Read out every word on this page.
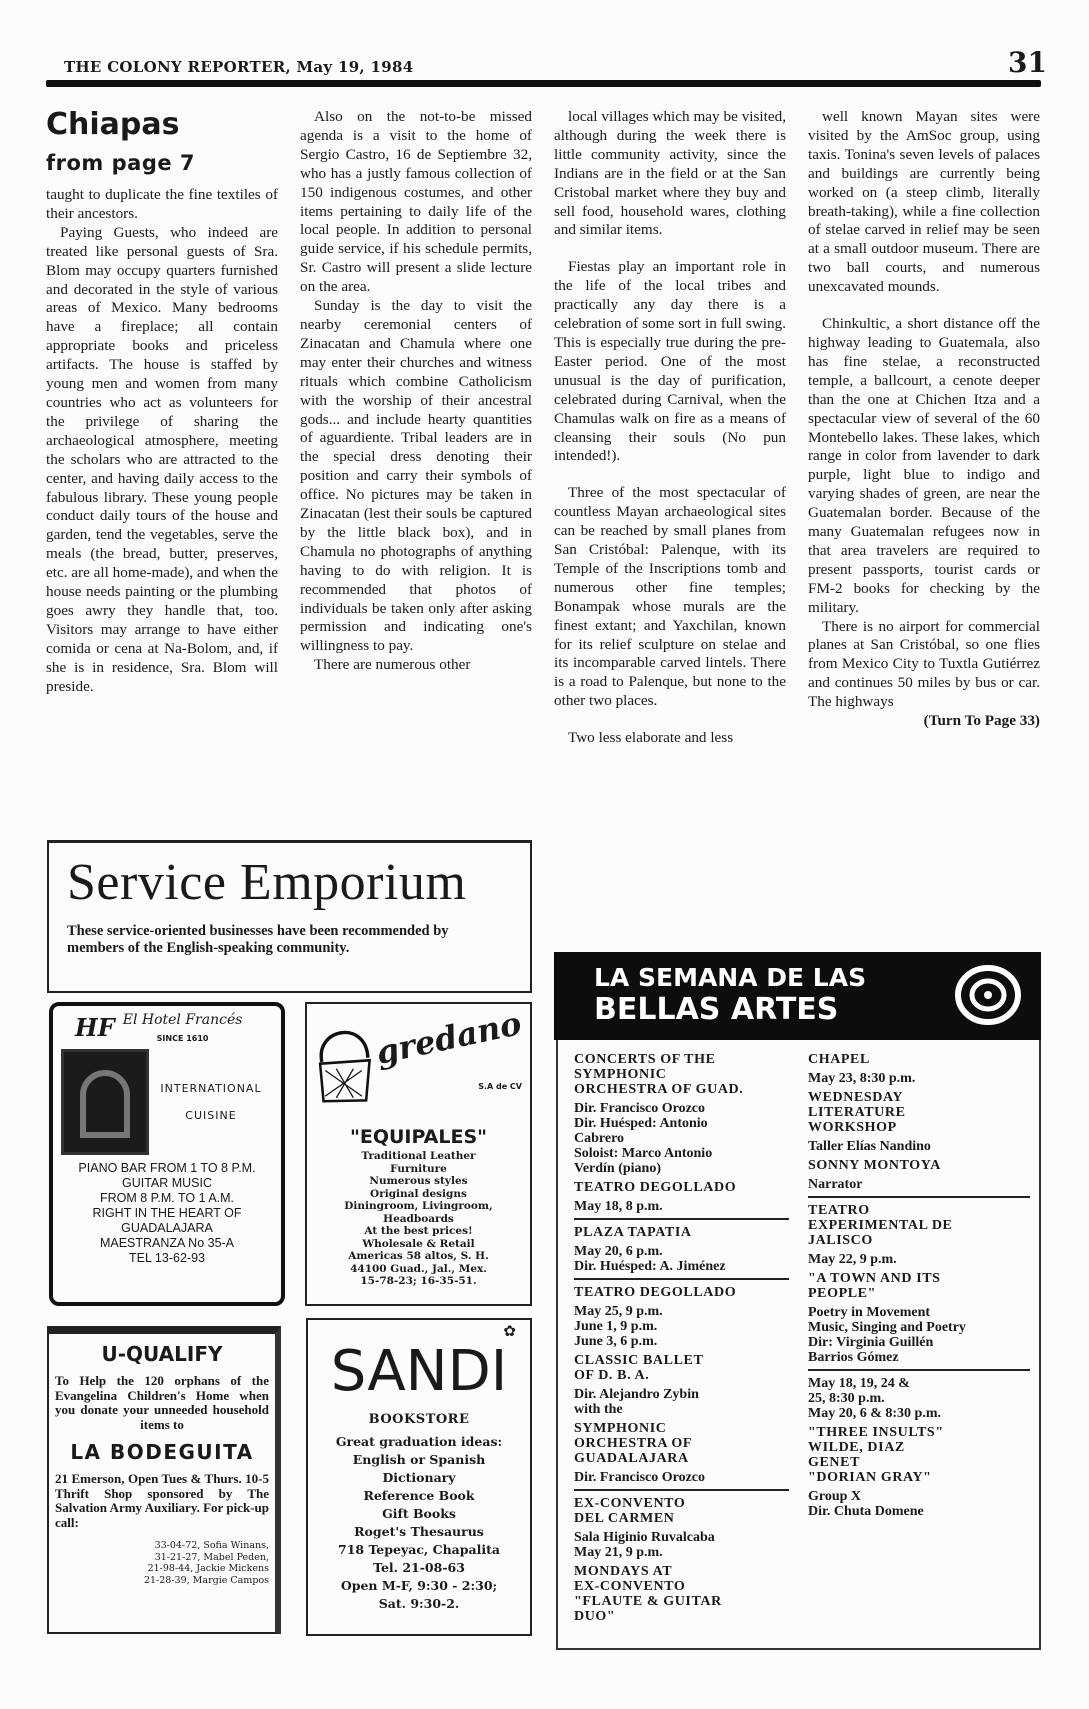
THE COLONY REPORTER, May 19, 1984	31
Chiapas
from page 7

taught to duplicate the fine textiles of their ancestors.

Paying Guests, who indeed are treated like personal guests of Sra. Blom may occupy quarters furnished and decorated in the style of various areas of Mexico. Many bedrooms have a fireplace; all contain appropriate books and priceless artifacts. The house is staffed by young men and women from many countries who act as volunteers for the privilege of sharing the archaeological atmosphere, meeting the scholars who are attracted to the center, and having daily access to the fabulous library. These young people conduct daily tours of the house and garden, tend the vegetables, serve the meals (the bread, butter, preserves, etc. are all home-made), and when the house needs painting or the plumbing goes awry they handle that, too. Visitors may arrange to have either comida or cena at Na-Bolom, and, if she is in residence, Sra. Blom will preside.

Also on the not-to-be missed agenda is a visit to the home of Sergio Castro, 16 de Septiembre 32, who has a justly famous collection of 150 indigenous costumes, and other items pertaining to daily life of the local people. In addition to personal guide service, if his schedule permits, Sr. Castro will present a slide lecture on the area.

Sunday is the day to visit the nearby ceremonial centers of Zinacatan and Chamula where one may enter their churches and witness rituals which combine Catholicism with the worship of their ancestral gods... and include hearty quantities of aguardiente. Tribal leaders are in the special dress denoting their position and carry their symbols of office. No pictures may be taken in Zinacatan (lest their souls be captured by the little black box), and in Chamula no photographs of anything having to do with religion. It is recommended that photos of individuals be taken only after asking permission and indicating one's willingness to pay.

There are numerous other

local villages which may be visited, although during the week there is little community activity, since the Indians are in the field or at the San Cristobal market where they buy and sell food, household wares, clothing and similar items.

Fiestas play an important role in the life of the local tribes and practically any day there is a celebration of some sort in full swing. This is especially true during the pre-Easter period. One of the most unusual is the day of purification, celebrated during Carnival, when the Chamulas walk on fire as a means of cleansing their souls (No pun intended!).

Three of the most spectacular of countless Mayan archaeological sites can be reached by small planes from San Cristóbal: Palenque, with its Temple of the Inscriptions tomb and numerous other fine temples; Bonampak whose murals are the finest extant; and Yaxchilan, known for its relief sculpture on stelae and its incomparable carved lintels. There is a road to Palenque, but none to the other two places.

Two less elaborate and less

well known Mayan sites were visited by the AmSoc group, using taxis. Tonina's seven levels of palaces and buildings are currently being worked on (a steep climb, literally breath-taking), while a fine collection of stelae carved in relief may be seen at a small outdoor museum. There are two ball courts, and numerous unexcavated mounds.

Chinkultic, a short distance off the highway leading to Guatemala, also has fine stelae, a reconstructed temple, a ballcourt, a cenote deeper than the one at Chichen Itza and a spectacular view of several of the 60 Montebello lakes. These lakes, which range in color from lavender to dark purple, light blue to indigo and varying shades of green, are near the Guatemalan border. Because of the many Guatemalan refugees now in that area travelers are required to present passports, tourist cards or FM-2 books for checking by the military.

There is no airport for commercial planes at San Cristóbal, so one flies from Mexico City to Tuxtla Gutiérrez and continues 50 miles by bus or car. The highways

(Turn To Page 33)

Service Emporium
These service-oriented businesses have been recommended by members of the English-speaking community.
HF El Hotel Francés
SINCE 1610
INTERNATIONAL
CUISINE
PIANO BAR FROM 1 TO 8 P.M.
GUITAR MUSIC
FROM 8 P.M. TO 1 A.M.
RIGHT IN THE HEART OF
GUADALAJARA
MAESTRANZA No 35-A
TEL 13-62-93
gredano
S.A de CV
"EQUIPALES"
Traditional Leather
Furniture
Numerous styles
Original designs
Diningroom, Livingroom,
Headboards
At the best prices!
Wholesale & Retail
Americas 58 altos, S. H.
44100 Guad., Jal., Mex.
15-78-23; 16-35-51.
U-QUALIFY
To Help the 120 orphans of the Evangelina Children's Home when you donate your unneeded household items to
LA BODEGUITA
21 Emerson, Open Tues & Thurs. 10-5 Thrift Shop sponsored by The Salvation Army Auxiliary. For pick-up call:
33-04-72, Sofia Winans,
31-21-27, Mabel Peden,
21-98-44, Jackie Mickens
21-28-39, Margie Campos
✿
SANDI
BOOKSTORE
Great graduation ideas:
English or Spanish
Dictionary
Reference Book
Gift Books
Roget's Thesaurus
718 Tepeyac, Chapalita
Tel. 21-08-63
Open M-F, 9:30 - 2:30;
Sat. 9:30-2.
LA SEMANA DE LAS
BELLAS ARTES
CONCERTS OF THE
SYMPHONIC
ORCHESTRA OF GUAD.
Dir. Francisco Orozco
Dir. Huésped: Antonio
Cabrero
Soloist: Marco Antonio
Verdín (piano)
TEATRO DEGOLLADO
May 18, 8 p.m.
PLAZA TAPATIA
May 20, 6 p.m.
Dir. Huésped: A. Jiménez
TEATRO DEGOLLADO
May 25, 9 p.m.
June 1, 9 p.m.
June 3, 6 p.m.
CLASSIC BALLET
OF D. B. A.
Dir. Alejandro Zybin
with the
SYMPHONIC
ORCHESTRA OF
GUADALAJARA
Dir. Francisco Orozco
EX-CONVENTO
DEL CARMEN
Sala Higinio Ruvalcaba
May 21, 9 p.m.
MONDAYS AT
EX-CONVENTO
"FLAUTE & GUITAR
DUO"
CHAPEL
May 23, 8:30 p.m.
WEDNESDAY
LITERATURE
WORKSHOP
Taller Elías Nandino
SONNY MONTOYA
Narrator
TEATRO
EXPERIMENTAL DE
JALISCO
May 22, 9 p.m.
"A TOWN AND ITS
PEOPLE"
Poetry in Movement
Music, Singing and Poetry
Dir: Virginia Guillén
Barrios Gómez
May 18, 19, 24 &
25, 8:30 p.m.
May 20, 6 & 8:30 p.m.
"THREE INSULTS"
WILDE, DIAZ
GENET
"DORIAN GRAY"
Group X
Dir. Chuta Domene
